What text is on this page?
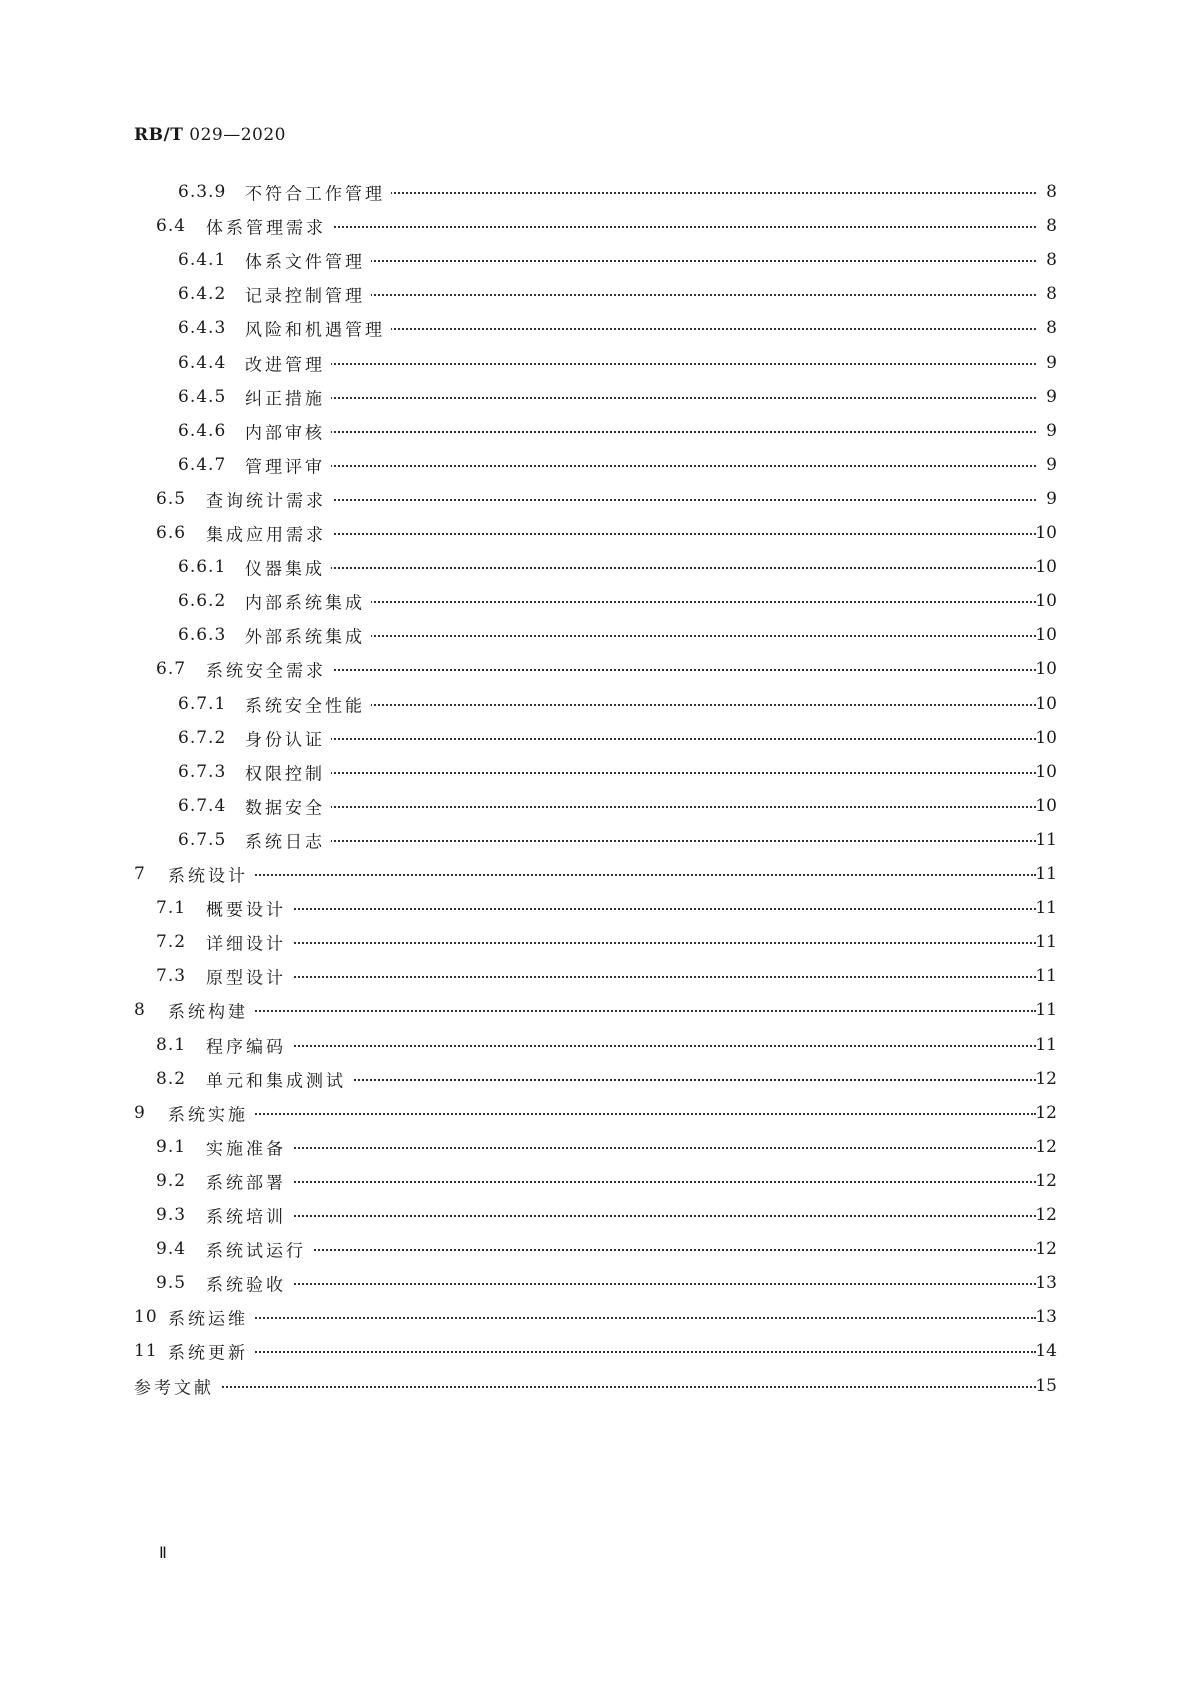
RB/T 029—2020
6.3.9 不符合工作管理	8
6.4 体系管理需求	8
6.4.1 体系文件管理	8
6.4.2 记录控制管理	8
6.4.3 风险和机遇管理	8
6.4.4 改进管理	9
6.4.5 纠正措施	9
6.4.6 内部审核	9
6.4.7 管理评审	9
6.5 查询统计需求	9
6.6 集成应用需求	10
6.6.1 仪器集成	10
6.6.2 内部系统集成	10
6.6.3 外部系统集成	10
6.7 系统安全需求	10
6.7.1 系统安全性能	10
6.7.2 身份认证	10
6.7.3 权限控制	10
6.7.4 数据安全	10
6.7.5 系统日志	11
7 系统设计	11
7.1 概要设计	11
7.2 详细设计	11
7.3 原型设计	11
8 系统构建	11
8.1 程序编码	11
8.2 单元和集成测试	12
9 系统实施	12
9.1 实施准备	12
9.2 系统部署	12
9.3 系统培训	12
9.4 系统试运行	12
9.5 系统验收	13
10 系统运维	13
11 系统更新	14
参考文献	15
Ⅱ
